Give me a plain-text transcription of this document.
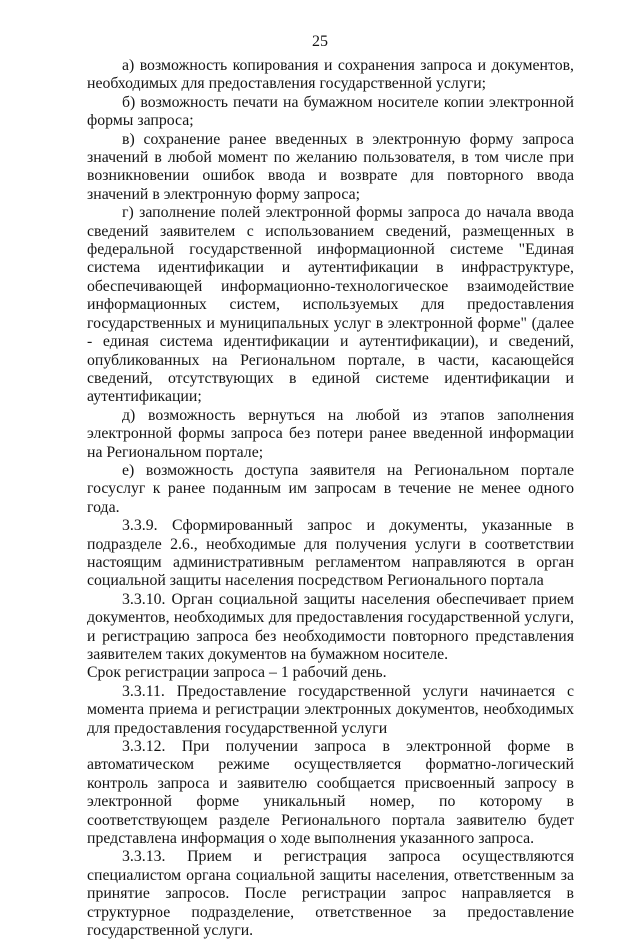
25

а) возможность копирования и сохранения запроса и документов, необходимых для предоставления государственной услуги;

б) возможность печати на бумажном носителе копии электронной формы запроса;

в) сохранение ранее введенных в электронную форму запроса значений в любой момент по желанию пользователя, в том числе при возникновении ошибок ввода и возврате для повторного ввода значений в электронную форму запроса;

г) заполнение полей электронной формы запроса до начала ввода сведений заявителем с использованием сведений, размещенных в федеральной государственной информационной системе "Единая система идентификации и аутентификации в инфраструктуре, обеспечивающей информационно-технологическое взаимодействие информационных систем, используемых для предоставления государственных и муниципальных услуг в электронной форме" (далее - единая система идентификации и аутентификации), и сведений, опубликованных на Региональном портале, в части, касающейся сведений, отсутствующих в единой системе идентификации и аутентификации;

д) возможность вернуться на любой из этапов заполнения электронной формы запроса без потери ранее введенной информации на Региональном портале;

е) возможность доступа заявителя на Региональном портале госуслуг к ранее поданным им запросам в течение не менее одного года.

3.3.9. Сформированный запрос и документы, указанные в подразделе 2.6., необходимые для получения услуги в соответствии настоящим административным регламентом направляются в орган социальной защиты населения посредством Регионального портала

3.3.10. Орган социальной защиты населения обеспечивает прием документов, необходимых для предоставления государственной услуги, и регистрацию запроса без необходимости повторного представления заявителем таких документов на бумажном носителе.

Срок регистрации запроса – 1 рабочий день.

3.3.11. Предоставление государственной услуги начинается с момента приема и регистрации электронных документов, необходимых для предоставления государственной услуги

3.3.12. При получении запроса в электронной форме в автоматическом режиме осуществляется форматно-логический контроль запроса и заявителю сообщается присвоенный запросу в электронной форме уникальный номер, по которому в соответствующем разделе Регионального портала заявителю будет представлена информация о ходе выполнения указанного запроса.

3.3.13. Прием и регистрация запроса осуществляются специалистом органа социальной защиты населения, ответственным за принятие запросов. После регистрации запрос направляется в структурное подразделение, ответственное за предоставление государственной услуги.
